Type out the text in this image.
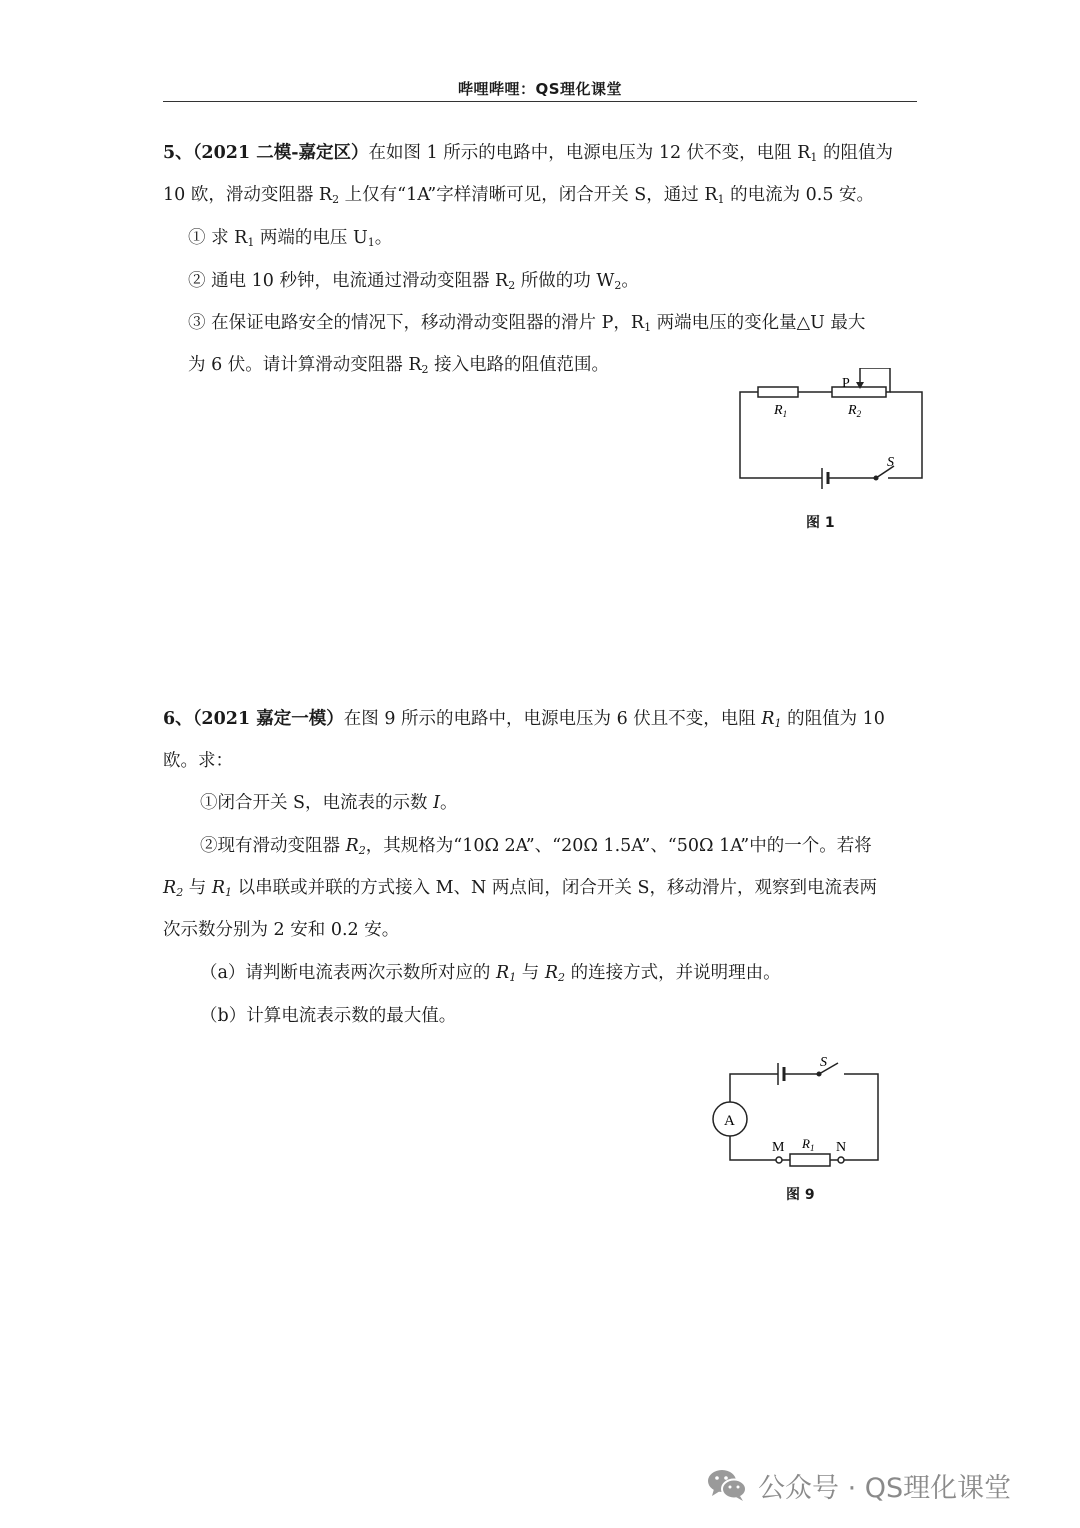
哔哩哔哩：QS理化课堂
5、（2021 二模-嘉定区）在如图 1 所示的电路中，电源电压为 12 伏不变，电阻 $R_1$ 的阻值为
10 欧，滑动变阻器 $R_2$ 上仅有“1A”字样清晰可见，闭合开关 S，通过 $R_1$ 的电流为 0.5 安。
① 求 $R_1$ 两端的电压 $U_1$。
② 通电 10 秒钟，电流通过滑动变阻器 $R_2$ 所做的功 $W_2$。
③ 在保证电路安全的情况下，移动滑动变阻器的滑片 P，$R_1$ 两端电压的变化量△U 最大
为 6 伏。请计算滑动变阻器 $R_2$ 接入电路的阻值范围。
P
$R_1$	$R_2$
S
图 1
6、（2021 嘉定一模）在图 9 所示的电路中，电源电压为 6 伏且不变，电阻 $R_1$ 的阻值为 10
欧。求：
①闭合开关 S，电流表的示数 I。
②现有滑动变阻器 $R_2$，其规格为“10Ω 2A”、“20Ω 1.5A”、“50Ω 1A”中的一个。若将
$R_2$ 与 $R_1$ 以串联或并联的方式接入 M、N 两点间，闭合开关 S，移动滑片，观察到电流表两
次示数分别为 2 安和 0.2 安。
（a）请判断电流表两次示数所对应的 $R_1$ 与 $R_2$ 的连接方式，并说明理由。
（b）计算电流表示数的最大值。
A
S
M	N
$R_1$
图 9
公众号 · QS理化课堂
